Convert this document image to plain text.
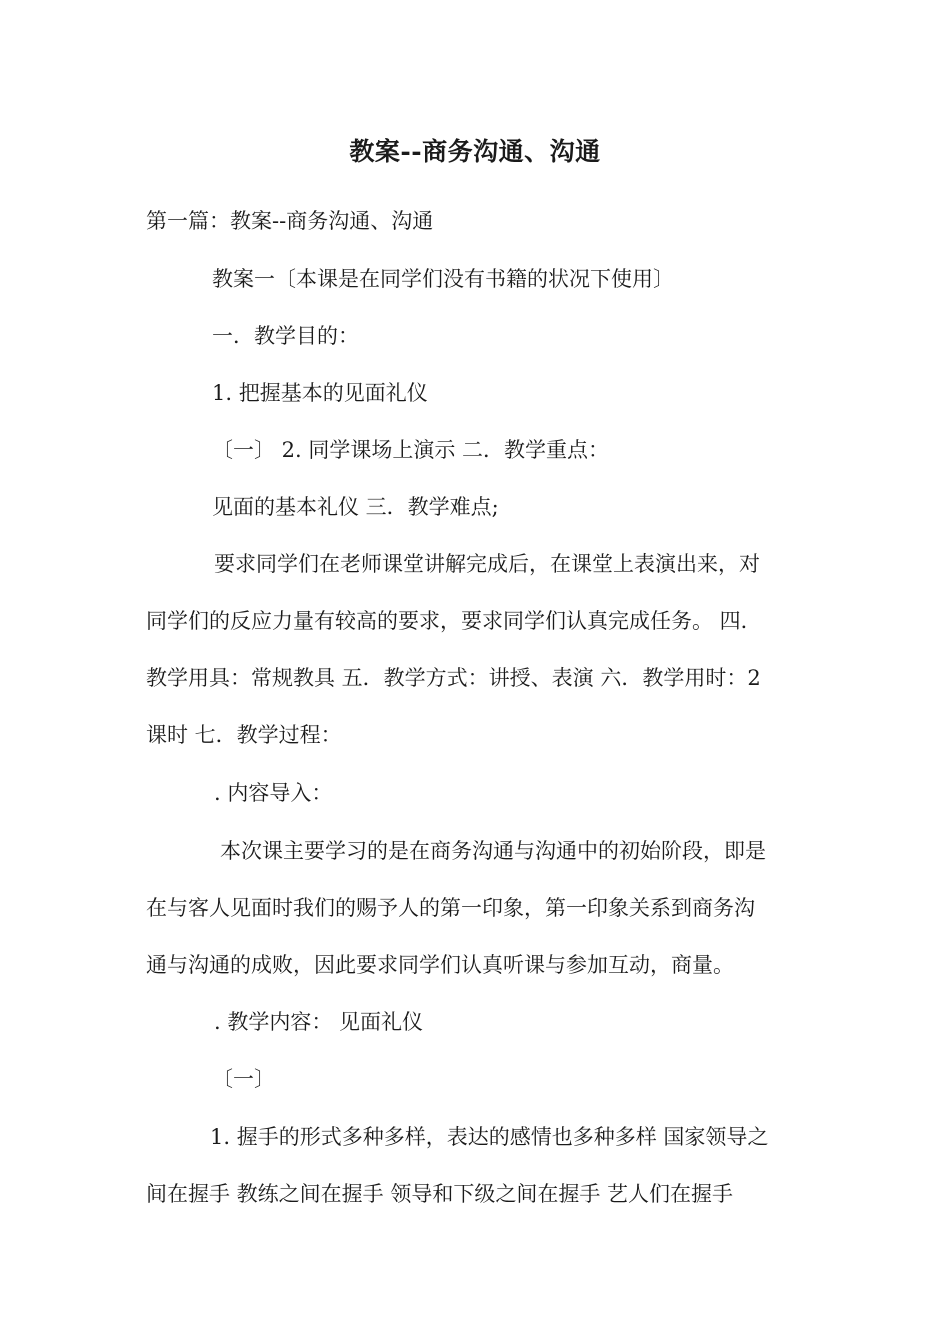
教案--商务沟通、沟通
第一篇：教案--商务沟通、沟通
教案一〔本课是在同学们没有书籍的状况下使用〕
一．教学目的：
1. 把握基本的见面礼仪
〔一〕 2. 同学课场上演示 二．教学重点：
见面的基本礼仪 三．教学难点;
要求同学们在老师课堂讲解完成后，在课堂上表演出来，对
同学们的反应力量有较高的要求，要求同学们认真完成任务。 四．
教学用具：常规教具 五．教学方式：讲授、表演 六．教学用时：2
课时 七．教学过程：
. 内容导入：
本次课主要学习的是在商务沟通与沟通中的初始阶段，即是
在与客人见面时我们的赐予人的第一印象，第一印象关系到商务沟
通与沟通的成败，因此要求同学们认真听课与参加互动，商量。
. 教学内容： 见面礼仪
〔一〕
1. 握手的形式多种多样，表达的感情也多种多样 国家领导之
间在握手 教练之间在握手 领导和下级之间在握手 艺人们在握手
